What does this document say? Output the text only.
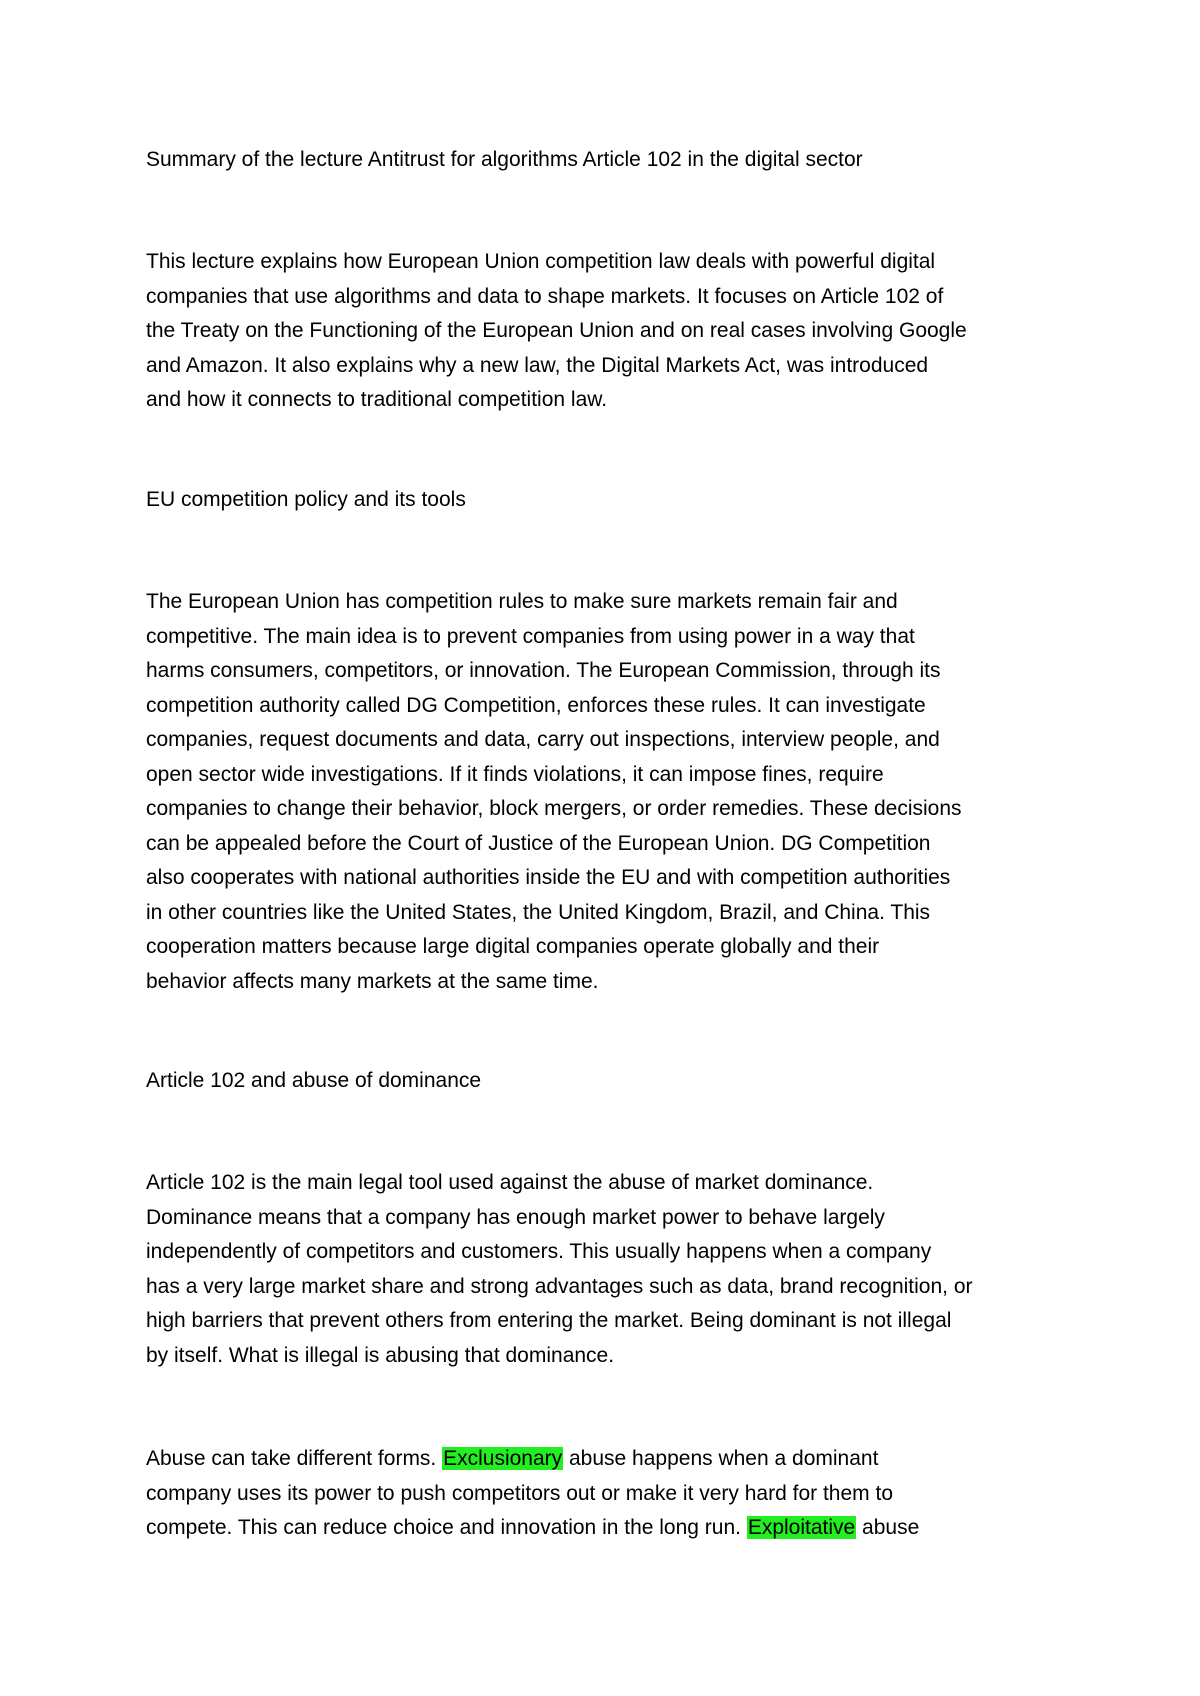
Summary of the lecture Antitrust for algorithms Article 102 in the digital sector

This lecture explains how European Union competition law deals with powerful digital
companies that use algorithms and data to shape markets. It focuses on Article 102 of
the Treaty on the Functioning of the European Union and on real cases involving Google
and Amazon. It also explains why a new law, the Digital Markets Act, was introduced
and how it connects to traditional competition law.

EU competition policy and its tools

The European Union has competition rules to make sure markets remain fair and
competitive. The main idea is to prevent companies from using power in a way that
harms consumers, competitors, or innovation. The European Commission, through its
competition authority called DG Competition, enforces these rules. It can investigate
companies, request documents and data, carry out inspections, interview people, and
open sector wide investigations. If it finds violations, it can impose fines, require
companies to change their behavior, block mergers, or order remedies. These decisions
can be appealed before the Court of Justice of the European Union. DG Competition
also cooperates with national authorities inside the EU and with competition authorities
in other countries like the United States, the United Kingdom, Brazil, and China. This
cooperation matters because large digital companies operate globally and their
behavior affects many markets at the same time.

Article 102 and abuse of dominance

Article 102 is the main legal tool used against the abuse of market dominance.
Dominance means that a company has enough market power to behave largely
independently of competitors and customers. This usually happens when a company
has a very large market share and strong advantages such as data, brand recognition, or
high barriers that prevent others from entering the market. Being dominant is not illegal
by itself. What is illegal is abusing that dominance.

Abuse can take different forms. Exclusionary abuse happens when a dominant
company uses its power to push competitors out or make it very hard for them to
compete. This can reduce choice and innovation in the long run. Exploitative abuse
